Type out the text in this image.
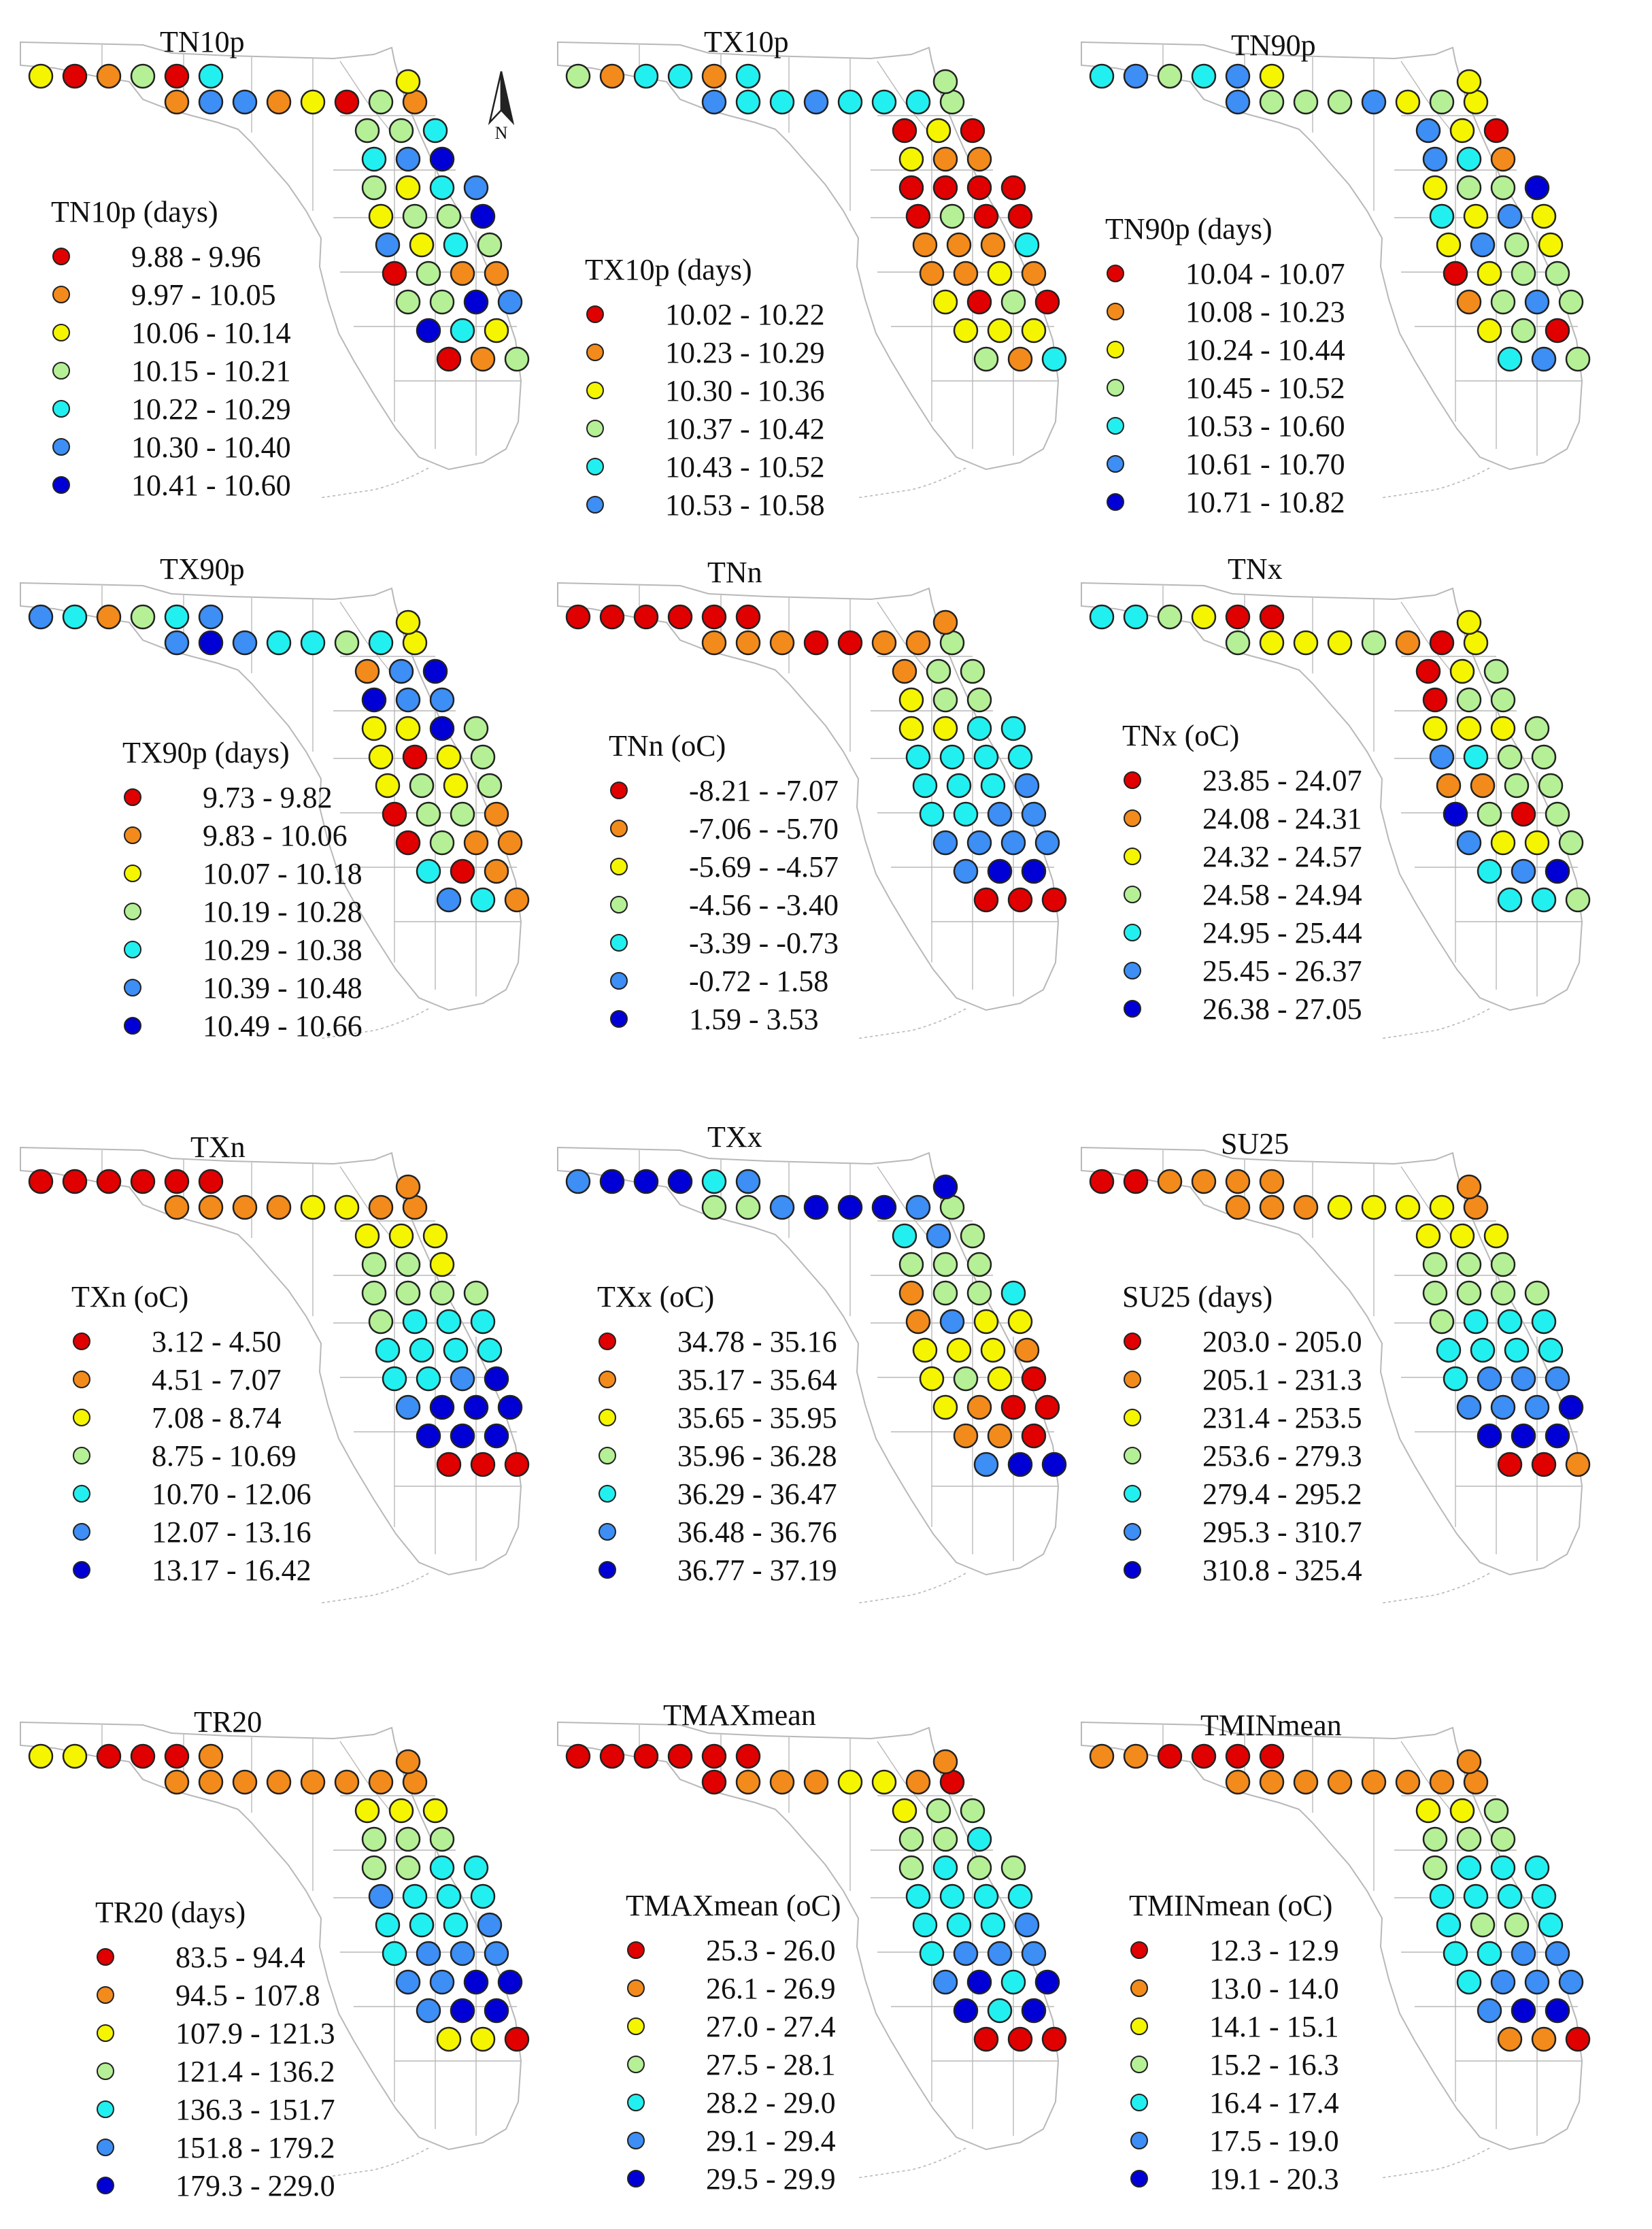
TN10p
TN10p (days)
9.88 - 9.96
9.97 - 10.05
10.06 - 10.14
10.15 - 10.21
10.22 - 10.29
10.30 - 10.40
10.41 - 10.60
TX10p
TX10p (days)
10.02 - 10.22
10.23 - 10.29
10.30 - 10.36
10.37 - 10.42
10.43 - 10.52
10.53 - 10.58
TN90p
TN90p (days)
10.04 - 10.07
10.08 - 10.23
10.24 - 10.44
10.45 - 10.52
10.53 - 10.60
10.61 - 10.70
10.71 - 10.82
TX90p
TX90p (days)
9.73 - 9.82
9.83 - 10.06
10.07 - 10.18
10.19 - 10.28
10.29 - 10.38
10.39 - 10.48
10.49 - 10.66
TNn
TNn (oC)
-8.21 - -7.07
-7.06 - -5.70
-5.69 - -4.57
-4.56 - -3.40
-3.39 - -0.73
-0.72 - 1.58
1.59 - 3.53
TNx
TNx (oC)
23.85 - 24.07
24.08 - 24.31
24.32 - 24.57
24.58 - 24.94
24.95 - 25.44
25.45 - 26.37
26.38 - 27.05
TXn
TXn (oC)
3.12 - 4.50
4.51 - 7.07
7.08 - 8.74
8.75 - 10.69
10.70 - 12.06
12.07 - 13.16
13.17 - 16.42
TXx
TXx (oC)
34.78 - 35.16
35.17 - 35.64
35.65 - 35.95
35.96 - 36.28
36.29 - 36.47
36.48 - 36.76
36.77 - 37.19
SU25
SU25 (days)
203.0 - 205.0
205.1 - 231.3
231.4 - 253.5
253.6 - 279.3
279.4 - 295.2
295.3 - 310.7
310.8 - 325.4
TR20
TR20 (days)
83.5 - 94.4
94.5 - 107.8
107.9 - 121.3
121.4 - 136.2
136.3 - 151.7
151.8 - 179.2
179.3 - 229.0
TMAXmean
TMAXmean (oC)
25.3 - 26.0
26.1 - 26.9
27.0 - 27.4
27.5 - 28.1
28.2 - 29.0
29.1 - 29.4
29.5 - 29.9
TMINmean
TMINmean (oC)
12.3 - 12.9
13.0 - 14.0
14.1 - 15.1
15.2 - 16.3
16.4 - 17.4
17.5 - 19.0
19.1 - 20.3
N
